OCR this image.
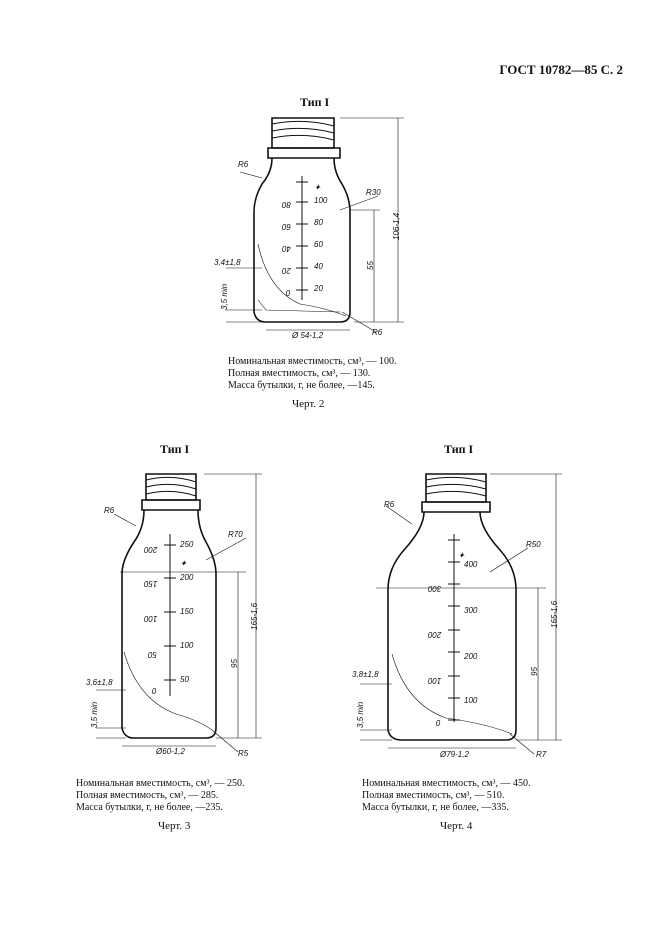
ГОСТ 10782—85 С. 2
Тип I
Тип I	Тип I
✦
✦
✦
R6
R30
R6
106-1,4
55
3,4±1,8
3,5 min
Ø 54-1,2
100
80
60
40
20
80
60
40
20
0
R6
R70
R5
165-1,6
95
3,6±1,8
3,5 min
Ø60-1,2
250
200
150
100
50
200
150
100
50
0
R6
R50
R7
165-1,6
95
3,8±1,8
3,5 min
Ø79-1,2
400
300
200
100
300
200
100
0
Номинальная вместимость, см³, — 100.
Полная вместимость, см³, — 130.
Масса бутылки, г, не более, —145.
Черт. 2
Номинальная вместимость, см³, — 250.
Полная вместимость, см³, — 285.
Масса бутылки, г, не более, —235.
Черт. 3
Номинальная вместимость, см³, — 450.
Полная вместимость, см³, — 510.
Масса бутылки, г, не более, —335.
Черт. 4
